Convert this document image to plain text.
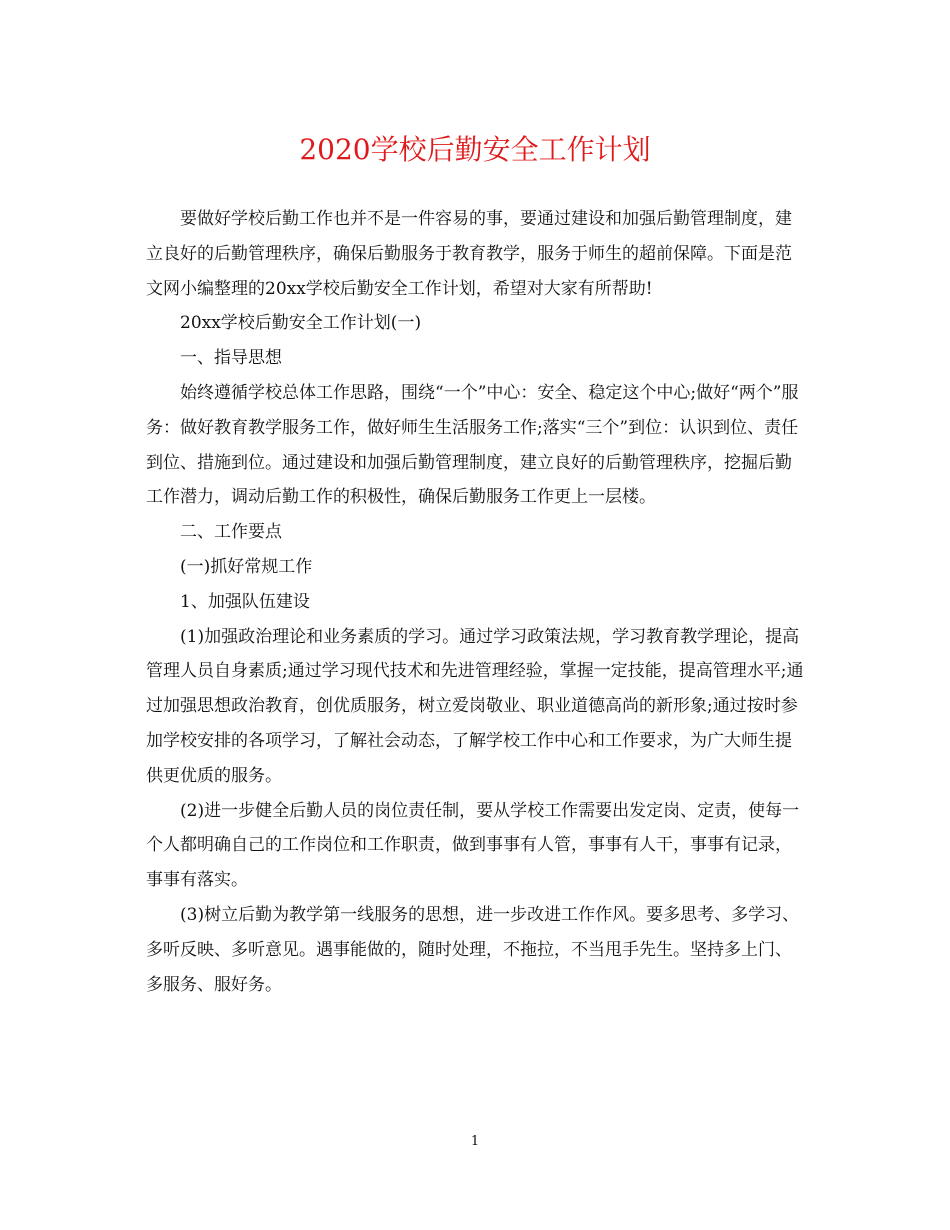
2020学校后勤安全工作计划

要做好学校后勤工作也并不是一件容易的事，要通过建设和加强后勤管理制度，建立良好的后勤管理秩序，确保后勤服务于教育教学，服务于师生的超前保障。下面是范文网小编整理的20xx学校后勤安全工作计划，希望对大家有所帮助!

20xx学校后勤安全工作计划(一)

一、指导思想

始终遵循学校总体工作思路，围绕“一个”中心：安全、稳定这个中心;做好“两个”服务：做好教育教学服务工作，做好师生生活服务工作;落实“三个”到位：认识到位、责任到位、措施到位。通过建设和加强后勤管理制度，建立良好的后勤管理秩序，挖掘后勤工作潜力，调动后勤工作的积极性，确保后勤服务工作更上一层楼。

二、工作要点

(一)抓好常规工作

1、加强队伍建设

(1)加强政治理论和业务素质的学习。通过学习政策法规，学习教育教学理论，提高管理人员自身素质;通过学习现代技术和先进管理经验，掌握一定技能，提高管理水平;通过加强思想政治教育，创优质服务，树立爱岗敬业、职业道德高尚的新形象;通过按时参加学校安排的各项学习，了解社会动态，了解学校工作中心和工作要求，为广大师生提供更优质的服务。

(2)进一步健全后勤人员的岗位责任制，要从学校工作需要出发定岗、定责，使每一个人都明确自己的工作岗位和工作职责，做到事事有人管，事事有人干，事事有记录，事事有落实。

(3)树立后勤为教学第一线服务的思想，进一步改进工作作风。要多思考、多学习、多听反映、多听意见。遇事能做的，随时处理，不拖拉，不当甩手先生。坚持多上门、多服务、服好务。

1
